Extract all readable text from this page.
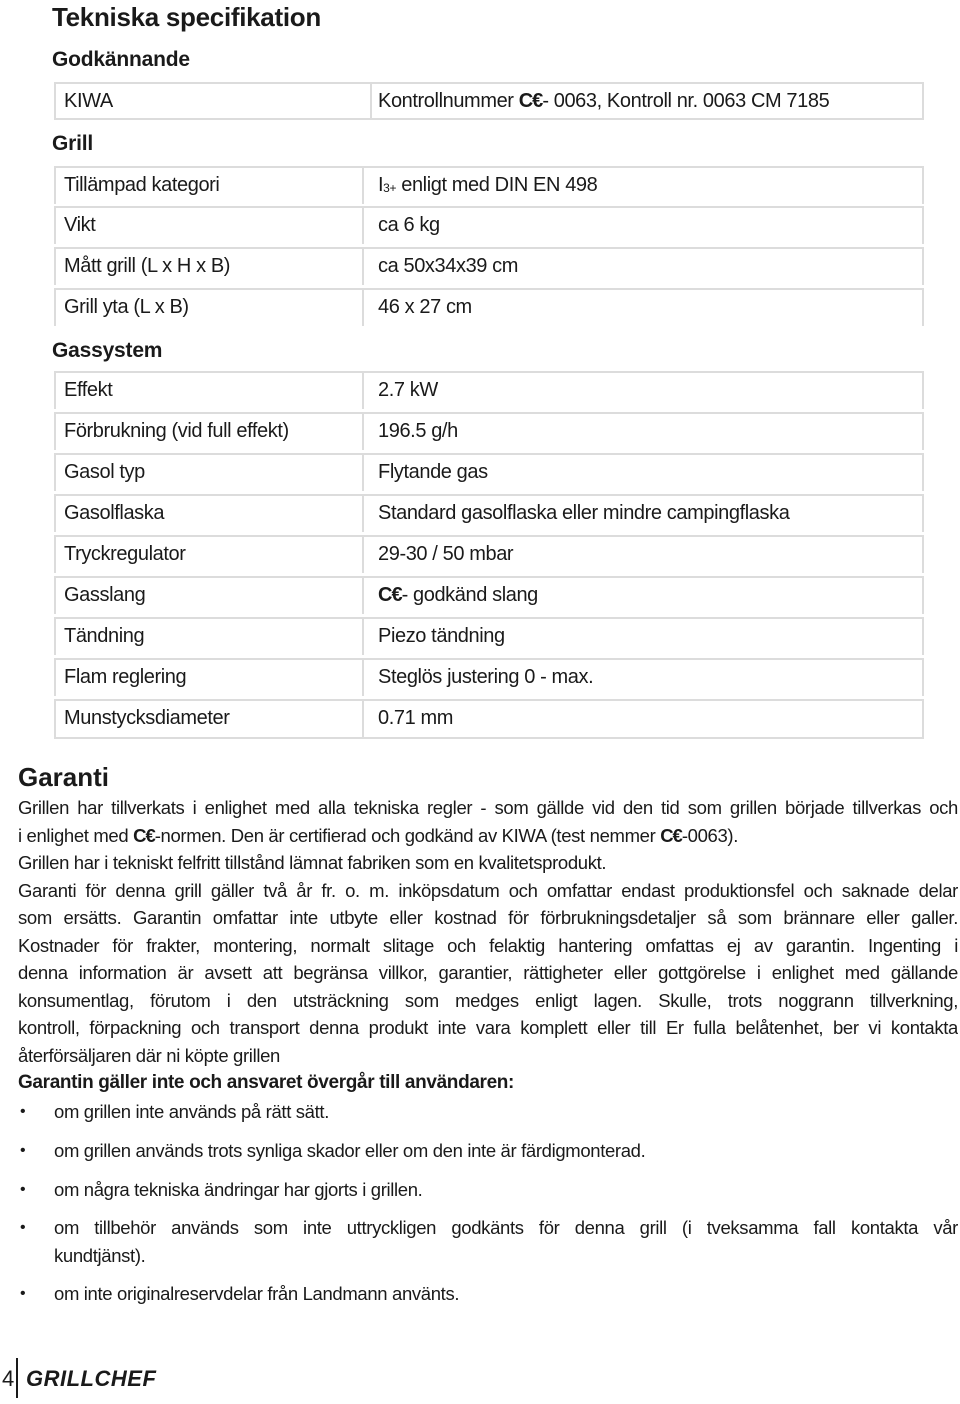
Tekniska specifikation
Godkännande
KIWA	Kontrollnummer C€- 0063, Kontroll nr. 0063 CM 7185
Grill
Tillämpad kategori	I3+ enligt med DIN EN 498
Vikt	ca 6 kg
Mått grill (L x H x B)	ca 50x34x39 cm
Grill yta (L x B)	46 x 27 cm
Gassystem
Effekt	2.7 kW
Förbrukning (vid full effekt)	196.5 g/h
Gasol typ	Flytande gas
Gasolflaska	Standard gasolflaska eller mindre campingflaska
Tryckregulator	29-30 / 50 mbar
Gasslang	C€- godkänd slang
Tändning	Piezo tändning
Flam reglering	Steglös justering 0 - max.
Munstycksdiameter	0.71 mm
Garanti
Grillen har tillverkats i enlighet med alla tekniska regler - som gällde vid den tid som grillen började tillverkas och
i enlighet med C€-normen. Den är certifierad och godkänd av KIWA (test nemmer C€-0063).
Grillen har i tekniskt felfritt tillstånd lämnat fabriken som en kvalitetsprodukt.
Garanti för denna grill gäller två år fr. o. m. inköpsdatum och omfattar endast produktionsfel och saknade delar
som ersätts. Garantin omfattar inte utbyte eller kostnad för förbrukningsdetaljer så som brännare eller galler.
Kostnader för frakter, montering, normalt slitage och felaktig hantering omfattas ej av garantin. Ingenting i
denna information är avsett att begränsa villkor, garantier, rättigheter eller gottgörelse i enlighet med gällande
konsumentlag, förutom i den utsträckning som medges enligt lagen. Skulle, trots noggrann tillverkning,
kontroll, förpackning och transport denna produkt inte vara komplett eller till Er fulla belåtenhet, ber vi kontakta
återförsäljaren där ni köpte grillen
Garantin gäller inte och ansvaret övergår till användaren:
• om grillen inte används på rätt sätt.
• om grillen används trots synliga skador eller om den inte är färdigmonterad.
• om några tekniska ändringar har gjorts i grillen.
• om tillbehör används som inte uttryckligen godkänts för denna grill (i tveksamma fall kontakta vår
kundtjänst).
• om inte originalreservdelar från Landmann använts.
4 GRILLCHEF
